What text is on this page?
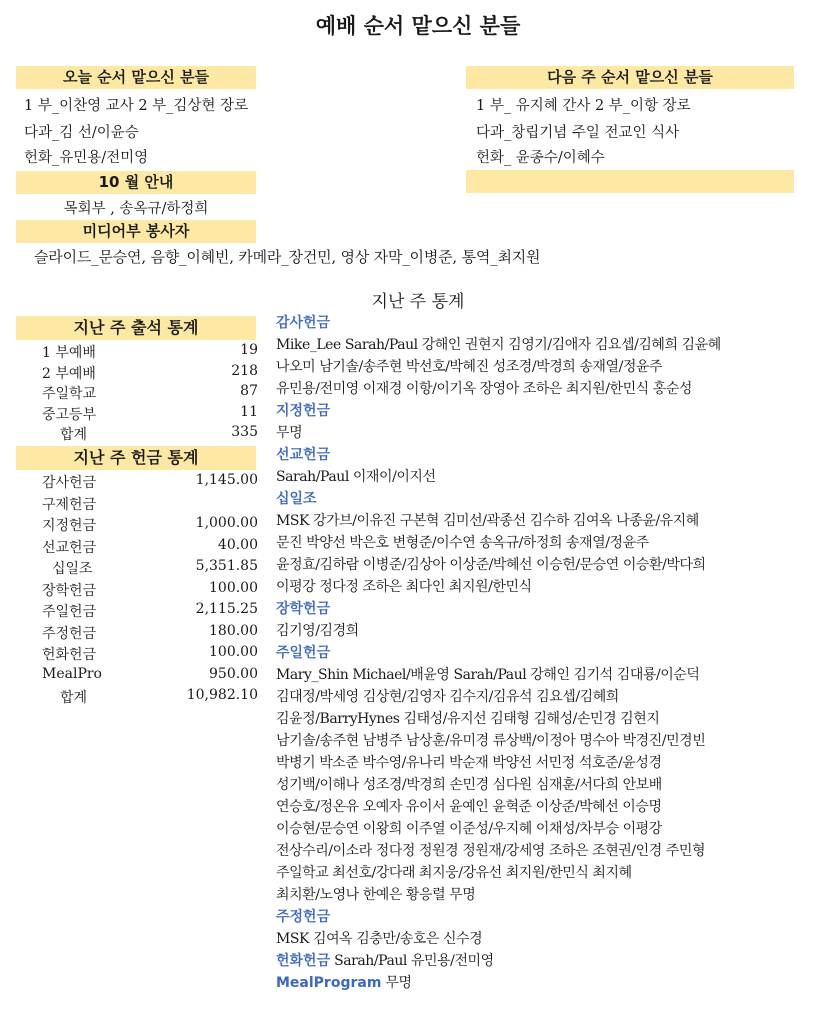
예배 순서 맡으신 분들
오늘 순서 맡으신 분들
1 부_이찬영 교사 2 부_김상현 장로
다과_김 선/이윤승
헌화_유민용/전미영
10 월 안내
목회부 , 송옥규/하정희
미디어부 봉사자
슬라이드_문승연, 음향_이혜빈, 카메라_장건민, 영상 자막_이병준, 통역_최지원
다음 주 순서 맡으신 분들
1 부_ 유지혜 간사 2 부_이항 장로
다과_창립기념 주일 전교인 식사
헌화_ 윤종수/이혜수
지난 주 통계
지난 주 출석 통계
1 부예배	19
2 부예배	218
주일학교	87
중고등부	11
합계	335
지난 주 헌금 통계
감사헌금	1,145.00
구제헌금
지정헌금	1,000.00
선교헌금	40.00
십일조	5,351.85
장학헌금	100.00
주일헌금	2,115.25
주정헌금	180.00
헌화헌금	100.00
MealPro	950.00
합계	10,982.10
감사헌금
Mike_Lee Sarah/Paul 강해인 권현지 김영기/김애자 김요셉/김혜희 김윤혜
나오미 남기솔/송주현 박선호/박혜진 성조경/박경희 송재열/정윤주
유민용/전미영 이재경 이항/이기옥 장영아 조하은 최지원/한민식 홍순성
지정헌금
무명
선교헌금
Sarah/Paul 이재이/이지선
십일조
MSK 강가브/이유진 구본혁 김미선/곽종선 김수하 김여옥 나종윤/유지혜
문진 박양선 박은호 변형준/이수연 송옥규/하정희 송재열/정윤주
윤정효/김하람 이병준/김상아 이상준/박혜선 이승헌/문승연 이승환/박다희
이평강 정다정 조하은 최다인 최지원/한민식
장학헌금
김기영/김경희
주일헌금
Mary_Shin Michael/배윤영 Sarah/Paul 강해인 김기석 김대룡/이순덕
김대정/박세영 김상현/김영자 김수지/김유석 김요셉/김혜희
김윤정/BarryHynes 김태성/유지선 김태형 김해성/손민경 김현지
남기솔/송주현 남병주 남상훈/유미경 류상백/이정아 명수아 박경진/민경빈
박병기 박소준 박수영/유나리 박순재 박양선 서민정 석호준/윤성경
성기백/이해나 성조경/박경희 손민경 심다원 심재훈/서다희 안보배
연승호/정온유 오예자 유이서 윤예인 윤혁준 이상준/박혜선 이승명
이승현/문승연 이왕희 이주열 이준성/우지혜 이채성/차부승 이평강
전상수리/이소라 정다정 정원경 정원재/강세영 조하은 조현권/인경 주민형
주일학교 최선호/강다래 최지웅/강유선 최지원/한민식 최지혜
최치환/노영나 한예은 황응렬 무명
주정헌금
MSK 김여옥 김충만/송호은 신수경
헌화헌금 Sarah/Paul 유민용/전미영
MealProgram 무명
